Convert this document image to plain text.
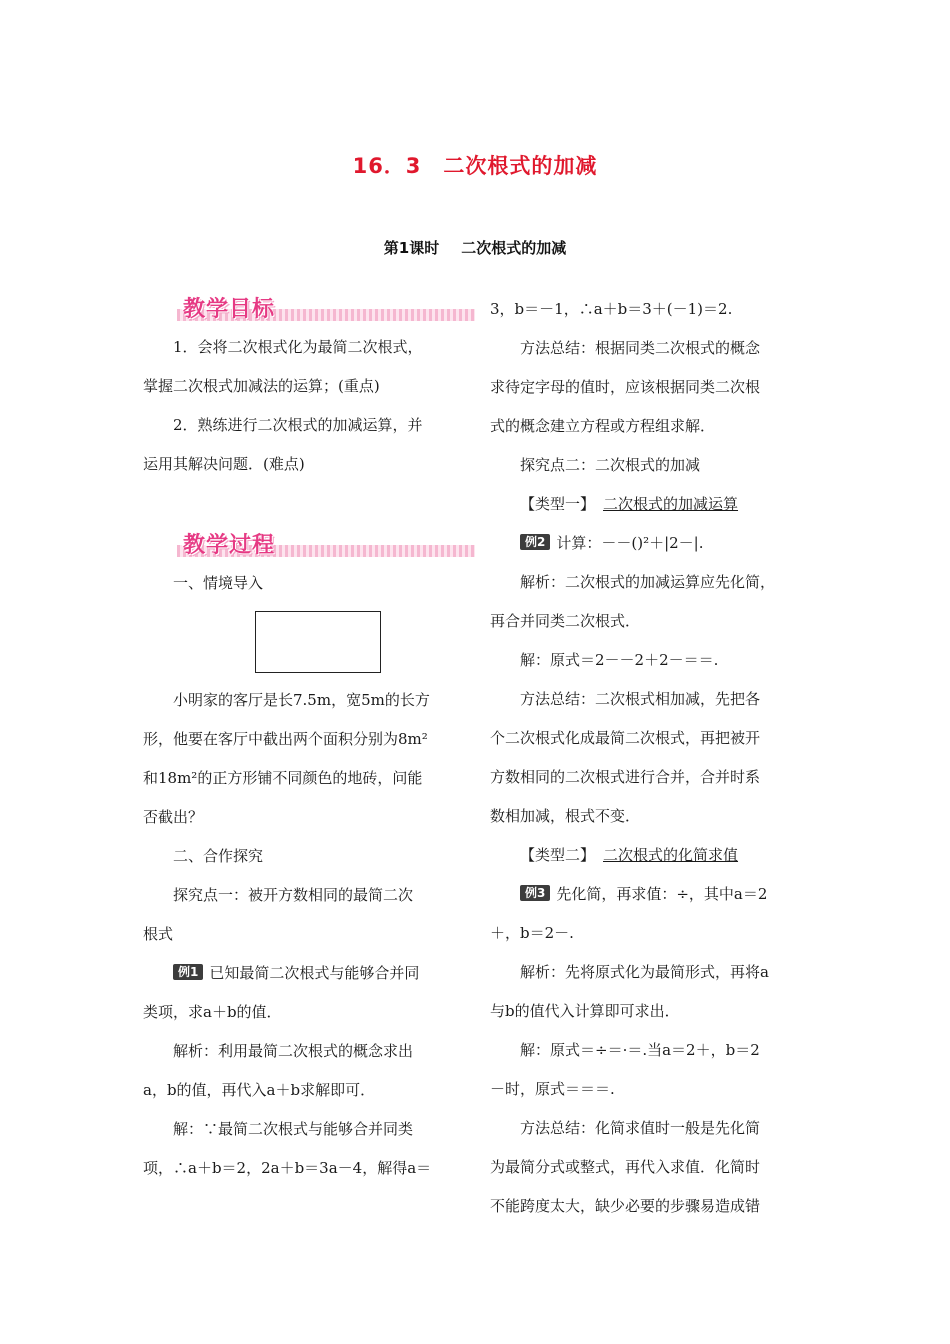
16．3　二次根式的加减
第1课时 二次根式的加减
教学目标

1．会将二次根式化为最简二次根式，

掌握二次根式加减法的运算；(重点)

2．熟练进行二次根式的加减运算，并

运用其解决问题．(难点)

教学过程

一、情境导入

小明家的客厅是长7.5m，宽5m的长方

形，他要在客厅中截出两个面积分别为8m²

和18m²的正方形铺不同颜色的地砖，问能

否截出？

二、合作探究

探究点一：被开方数相同的最简二次

根式

例1 已知最简二次根式与能够合并同

类项，求a＋b的值．

解析：利用最简二次根式的概念求出

a，b的值，再代入a＋b求解即可．

解：∵最简二次根式与能够合并同类

项，∴a＋b＝2，2a＋b＝3a－4，解得a＝

3，b＝－1，∴a＋b＝3＋(－1)＝2.

方法总结：根据同类二次根式的概念

求待定字母的值时，应该根据同类二次根

式的概念建立方程或方程组求解．

探究点二：二次根式的加减

【类型一】 二次根式的加减运算

例2 计算：－－()²＋|2－|.

解析：二次根式的加减运算应先化简，

再合并同类二次根式．

解：原式＝2－－2＋2－＝＝.

方法总结：二次根式相加减，先把各

个二次根式化成最简二次根式，再把被开

方数相同的二次根式进行合并，合并时系

数相加减，根式不变．

【类型二】 二次根式的化简求值

例3 先化简，再求值：÷，其中a＝2

＋，b＝2－.

解析：先将原式化为最简形式，再将a

与b的值代入计算即可求出．

解：原式＝÷＝·＝.当a＝2＋，b＝2

－时，原式＝＝＝.

方法总结：化简求值时一般是先化简

为最简分式或整式，再代入求值．化简时

不能跨度太大，缺少必要的步骤易造成错
